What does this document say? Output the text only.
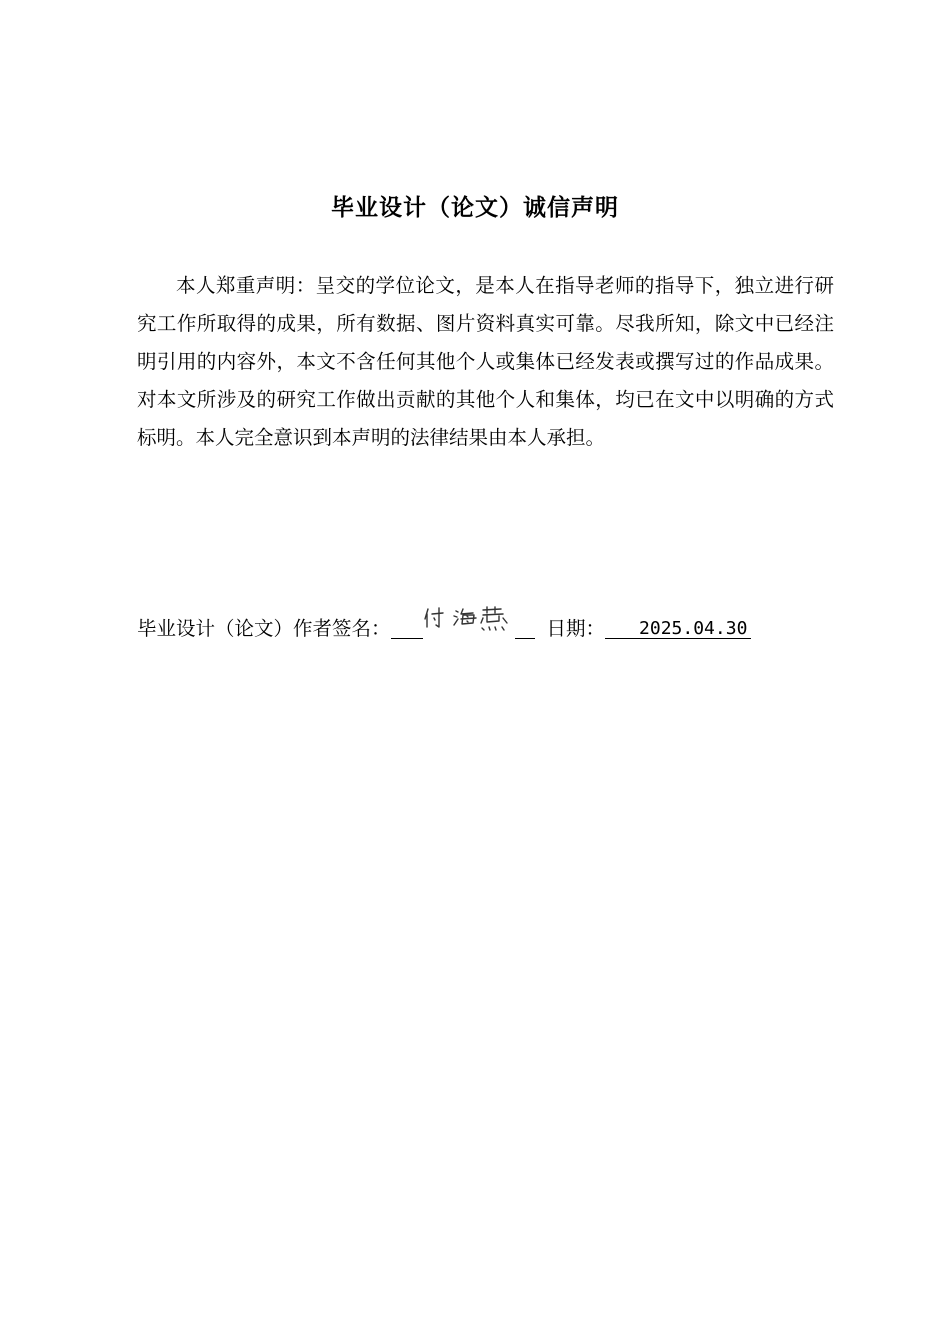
毕业设计（论文）诚信声明

本人郑重声明：呈交的学位论文，是本人在指导老师的指导下，独立进行研究工作所取得的成果，所有数据、图片资料真实可靠。尽我所知，除文中已经注明引用的内容外，本文不含任何其他个人或集体已经发表或撰写过的作品成果。对本文所涉及的研究工作做出贡献的其他个人和集体，均已在文中以明确的方式标明。本人完全意识到本声明的法律结果由本人承担。

毕业设计（论文）作者签名：	日期： 2025.04.30
